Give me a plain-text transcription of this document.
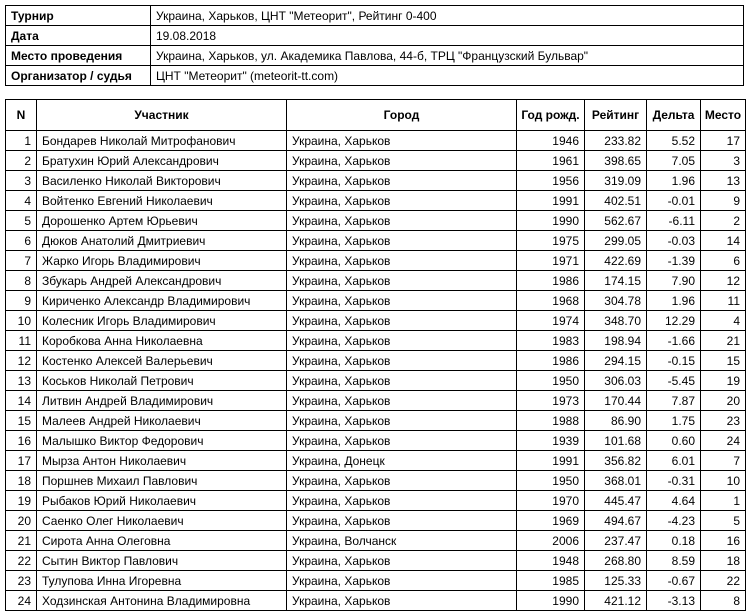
Турнир	Украина, Харьков, ЦНТ "Метеорит", Рейтинг 0-400
Дата	19.08.2018
Место проведения	Украина, Харьков, ул. Академика Павлова, 44-б, ТРЦ "Французский Бульвар"
Организатор / судья	ЦНТ "Метеорит" (meteorit-tt.com)
N	Участник	Город	Год рожд.	Рейтинг	Дельта	Место
1	Бондарев Николай Митрофанович	Украина, Харьков	1946	233.82	5.52	17
2	Братухин Юрий Александрович	Украина, Харьков	1961	398.65	7.05	3
3	Василенко Николай Викторович	Украина, Харьков	1956	319.09	1.96	13
4	Войтенко Евгений Николаевич	Украина, Харьков	1991	402.51	-0.01	9
5	Дорошенко Артем Юрьевич	Украина, Харьков	1990	562.67	-6.11	2
6	Дюков Анатолий Дмитриевич	Украина, Харьков	1975	299.05	-0.03	14
7	Жарко Игорь Владимирович	Украина, Харьков	1971	422.69	-1.39	6
8	Збукарь Андрей Александрович	Украина, Харьков	1986	174.15	7.90	12
9	Кириченко Александр Владимирович	Украина, Харьков	1968	304.78	1.96	11
10	Колесник Игорь Владимирович	Украина, Харьков	1974	348.70	12.29	4
11	Коробкова Анна Николаевна	Украина, Харьков	1983	198.94	-1.66	21
12	Костенко Алексей Валерьевич	Украина, Харьков	1986	294.15	-0.15	15
13	Коськов Николай Петрович	Украина, Харьков	1950	306.03	-5.45	19
14	Литвин Андрей Владимирович	Украина, Харьков	1973	170.44	7.87	20
15	Малеев Андрей Николаевич	Украина, Харьков	1988	86.90	1.75	23
16	Малышко Виктор Федорович	Украина, Харьков	1939	101.68	0.60	24
17	Мырза Антон Николаевич	Украина, Донецк	1991	356.82	6.01	7
18	Поршнев Михаил Павлович	Украина, Харьков	1950	368.01	-0.31	10
19	Рыбаков Юрий Николаевич	Украина, Харьков	1970	445.47	4.64	1
20	Саенко Олег Николаевич	Украина, Харьков	1969	494.67	-4.23	5
21	Сирота Анна Олеговна	Украина, Волчанск	2006	237.47	0.18	16
22	Сытин Виктор Павлович	Украина, Харьков	1948	268.80	8.59	18
23	Тулупова Инна Игоревна	Украина, Харьков	1985	125.33	-0.67	22
24	Ходзинская Антонина Владимировна	Украина, Харьков	1990	421.12	-3.13	8
